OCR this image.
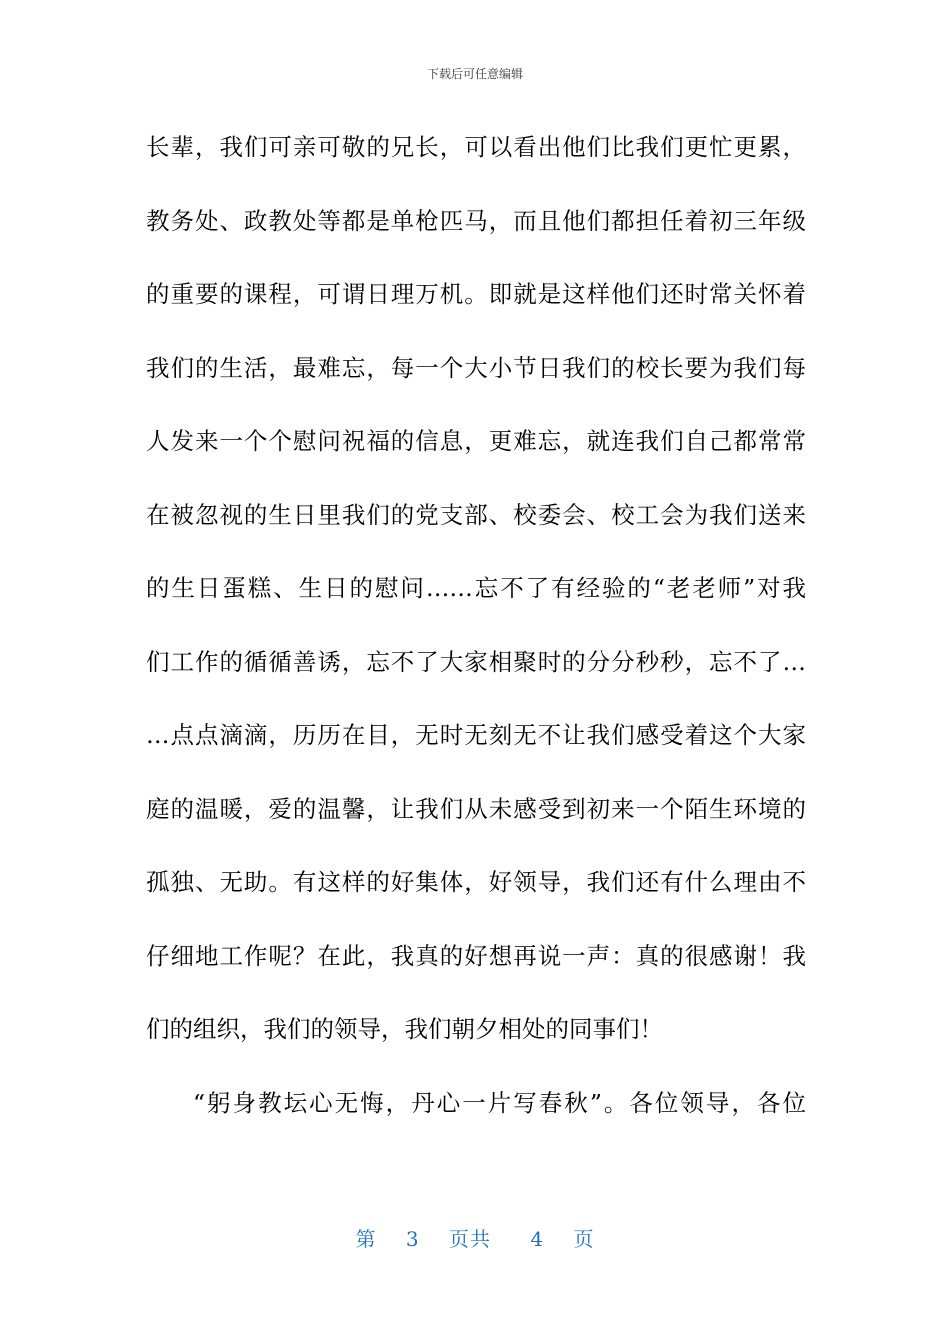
下载后可任意编辑
长辈，我们可亲可敬的兄长，可以看出他们比我们更忙更累，
教务处、政教处等都是单枪匹马，而且他们都担任着初三年级
的重要的课程，可谓日理万机。即就是这样他们还时常关怀着
我们的生活，最难忘，每一个大小节日我们的校长要为我们每
人发来一个个慰问祝福的信息，更难忘，就连我们自己都常常
在被忽视的生日里我们的党支部、校委会、校工会为我们送来
的生日蛋糕、生日的慰问……忘不了有经验的“老老师”对我
们工作的循循善诱，忘不了大家相聚时的分分秒秒，忘不了…
…点点滴滴，历历在目，无时无刻无不让我们感受着这个大家
庭的温暖，爱的温馨，让我们从未感受到初来一个陌生环境的
孤独、无助。有这样的好集体，好领导，我们还有什么理由不
仔细地工作呢？在此，我真的好想再说一声：真的很感谢！我
们的组织，我们的领导，我们朝夕相处的同事们！
“躬身教坛心无悔，丹心一片写春秋”。各位领导，各位
第 3 页共 4 页
